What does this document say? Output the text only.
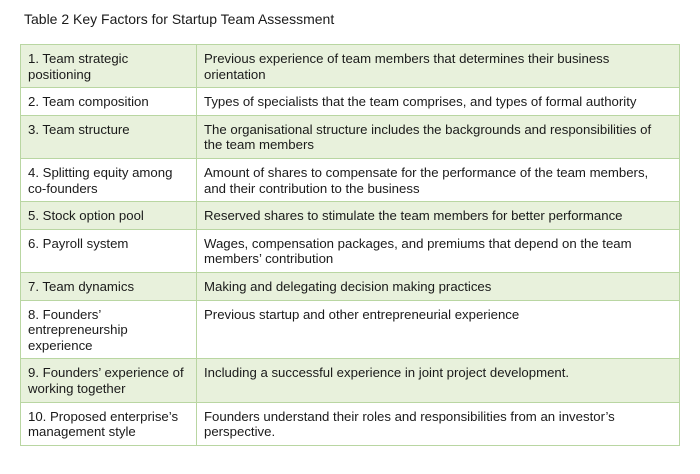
Table 2 Key Factors for Startup Team Assessment
1. Team strategic positioning	Previous experience of team members that determines their business orientation
2. Team composition	Types of specialists that the team comprises, and types of formal authority
3. Team structure	The organisational structure includes the backgrounds and responsibilities of the team members
4. Splitting equity among co-founders	Amount of shares to compensate for the performance of the team members, and their contribution to the business
5. Stock option pool	Reserved shares to stimulate the team members for better performance
6. Payroll system	Wages, compensation packages, and premiums that depend on the team members’ contribution
7. Team dynamics	Making and delegating decision making practices
8. Founders’ entrepreneurship experience	Previous startup and other entrepreneurial experience
9. Founders’ experience of working together	Including a successful experience in joint project development.
10. Proposed enterprise’s management style	Founders understand their roles and responsibilities from an investor’s perspective.
